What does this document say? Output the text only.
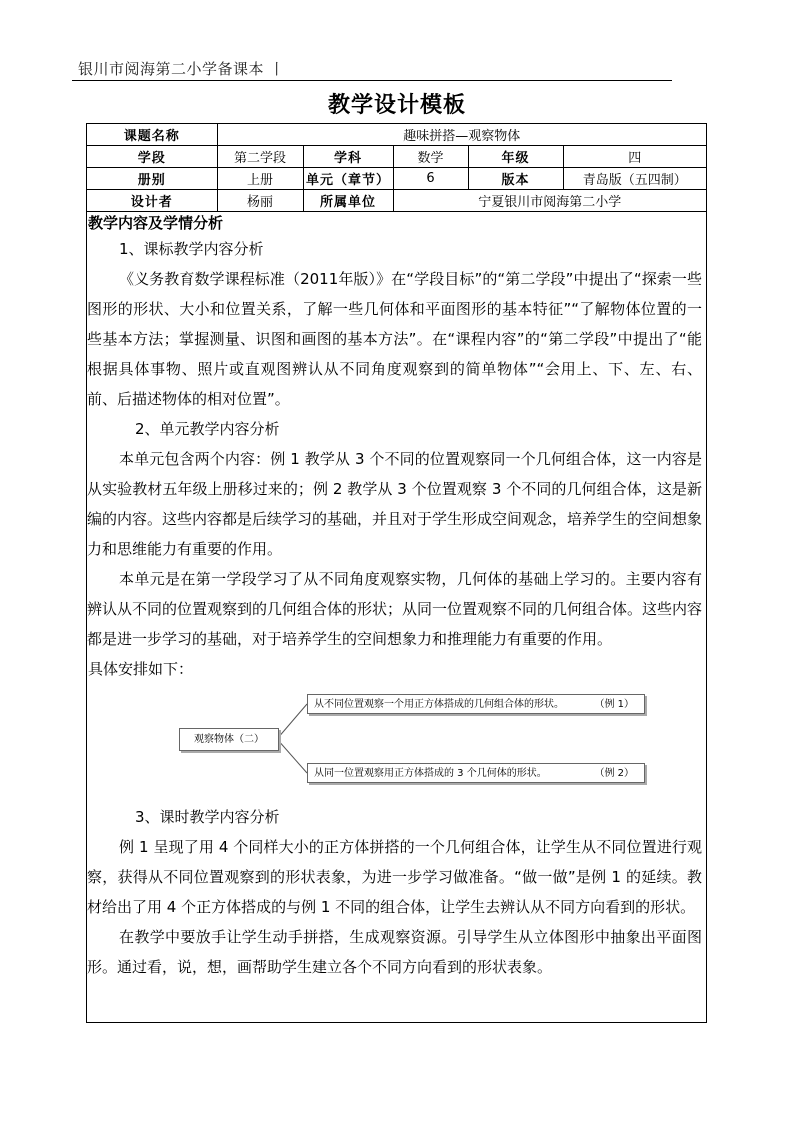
银川市阅海第二小学备课本 丨
教学设计模板
课题名称	趣味拼搭—观察物体				
学段	第二学段	学科	数学	年级	四
册别	上册	单元（章节）	6	版本	青岛版（五四制）
设计者	杨丽	所属单位	宁夏银川市阅海第二小学		
教学内容及学情分析
1、课标教学内容分析

《义务教育数学课程标准（2011年版）》在“学段目标”的“第二学段”中提出了“探索一些图形的形状、大小和位置关系，了解一些几何体和平面图形的基本特征”“了解物体位置的一些基本方法；掌握测量、识图和画图的基本方法”。在“课程内容”的“第二学段”中提出了“能根据具体事物、照片或直观图辨认从不同角度观察到的简单物体”“会用上、下、左、右、前、后描述物体的相对位置”。

2、单元教学内容分析

本单元包含两个内容：例 1 教学从 3 个不同的位置观察同一个几何组合体，这一内容是从实验教材五年级上册移过来的；例 2 教学从 3 个位置观察 3 个不同的几何组合体，这是新编的内容。这些内容都是后续学习的基础，并且对于学生形成空间观念，培养学生的空间想象力和思维能力有重要的作用。

本单元是在第一学段学习了从不同角度观察实物，几何体的基础上学习的。主要内容有辨认从不同的位置观察到的几何组合体的形状；从同一位置观察不同的几何组合体。这些内容都是进一步学习的基础，对于培养学生的空间想象力和推理能力有重要的作用。

具体安排如下：
观察物体（二）
从不同位置观察一个用正方体搭成的几何组合体的形状。	（例 1）
从同一位置观察用正方体搭成的 3 个几何体的形状。	（例 2）
3、课时教学内容分析

例 1 呈现了用 4 个同样大小的正方体拼搭的一个几何组合体，让学生从不同位置进行观察，获得从不同位置观察到的形状表象，为进一步学习做准备。“做一做”是例 1 的延续。教材给出了用 4 个正方体搭成的与例 1 不同的组合体，让学生去辨认从不同方向看到的形状。

在教学中要放手让学生动手拼搭，生成观察资源。引导学生从立体图形中抽象出平面图形。通过看，说，想，画帮助学生建立各个不同方向看到的形状表象。
